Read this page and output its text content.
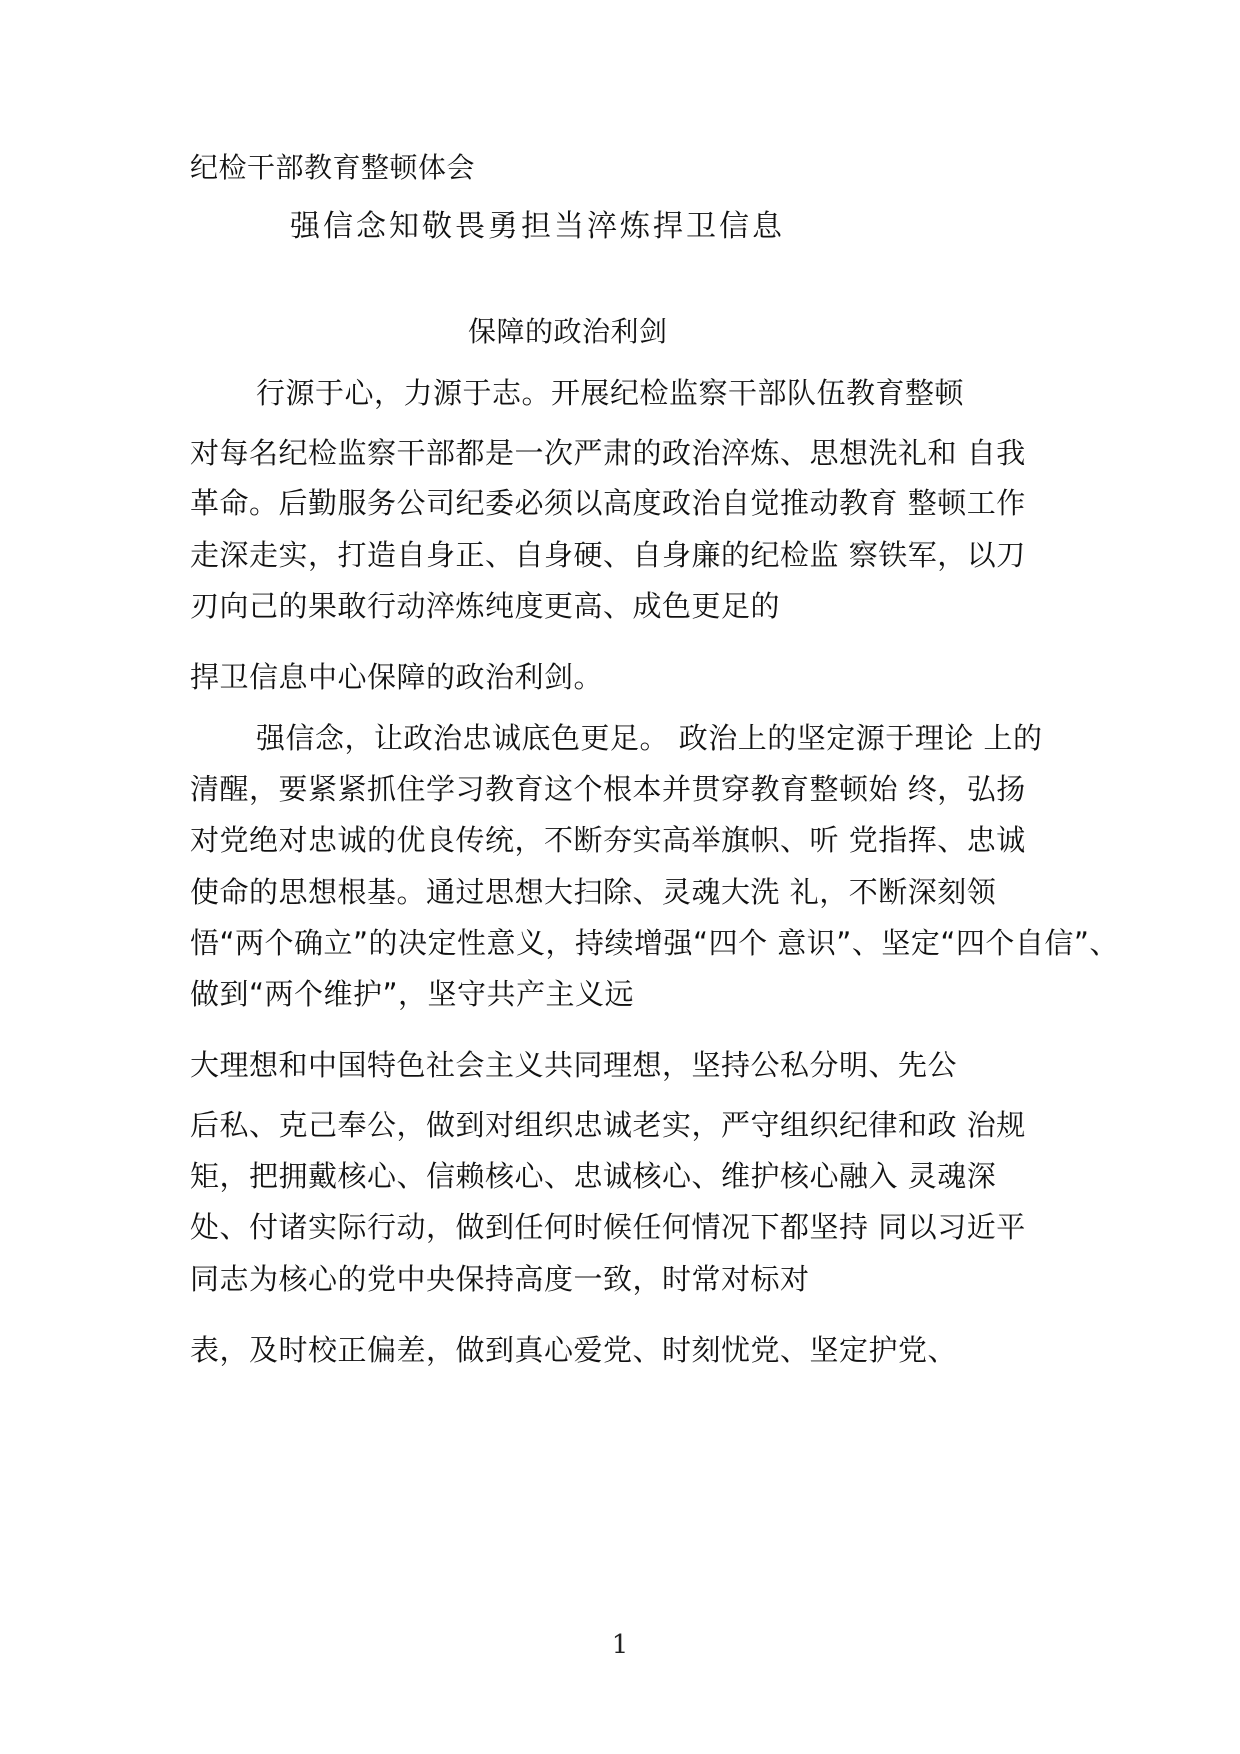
纪检干部教育整顿体会
强信念知敬畏勇担当淬炼捍卫信息
保障的政治利剑
行源于心，力源于志。开展纪检监察干部队伍教育整顿
对每名纪检监察干部都是一次严肃的政治淬炼、思想洗礼和 自我
革命。后勤服务公司纪委必须以高度政治自觉推动教育 整顿工作
走深走实，打造自身正、自身硬、自身廉的纪检监 察铁军，以刀
刃向己的果敢行动淬炼纯度更高、成色更足的
捍卫信息中心保障的政治利剑。
强信念，让政治忠诚底色更足。 政治上的坚定源于理论 上的
清醒，要紧紧抓住学习教育这个根本并贯穿教育整顿始 终，弘扬
对党绝对忠诚的优良传统，不断夯实高举旗帜、听 党指挥、忠诚
使命的思想根基。通过思想大扫除、灵魂大洗 礼，不断深刻领
悟“两个确立”的决定性意义，持续增强“四个 意识”、坚定“四个自信”、
做到“两个维护”，坚守共产主义远
大理想和中国特色社会主义共同理想，坚持公私分明、先公
后私、克己奉公，做到对组织忠诚老实，严守组织纪律和政 治规
矩，把拥戴核心、信赖核心、忠诚核心、维护核心融入 灵魂深
处、付诸实际行动，做到任何时候任何情况下都坚持 同以习近平
同志为核心的党中央保持高度一致，时常对标对
表，及时校正偏差，做到真心爱党、时刻忧党、坚定护党、
1
